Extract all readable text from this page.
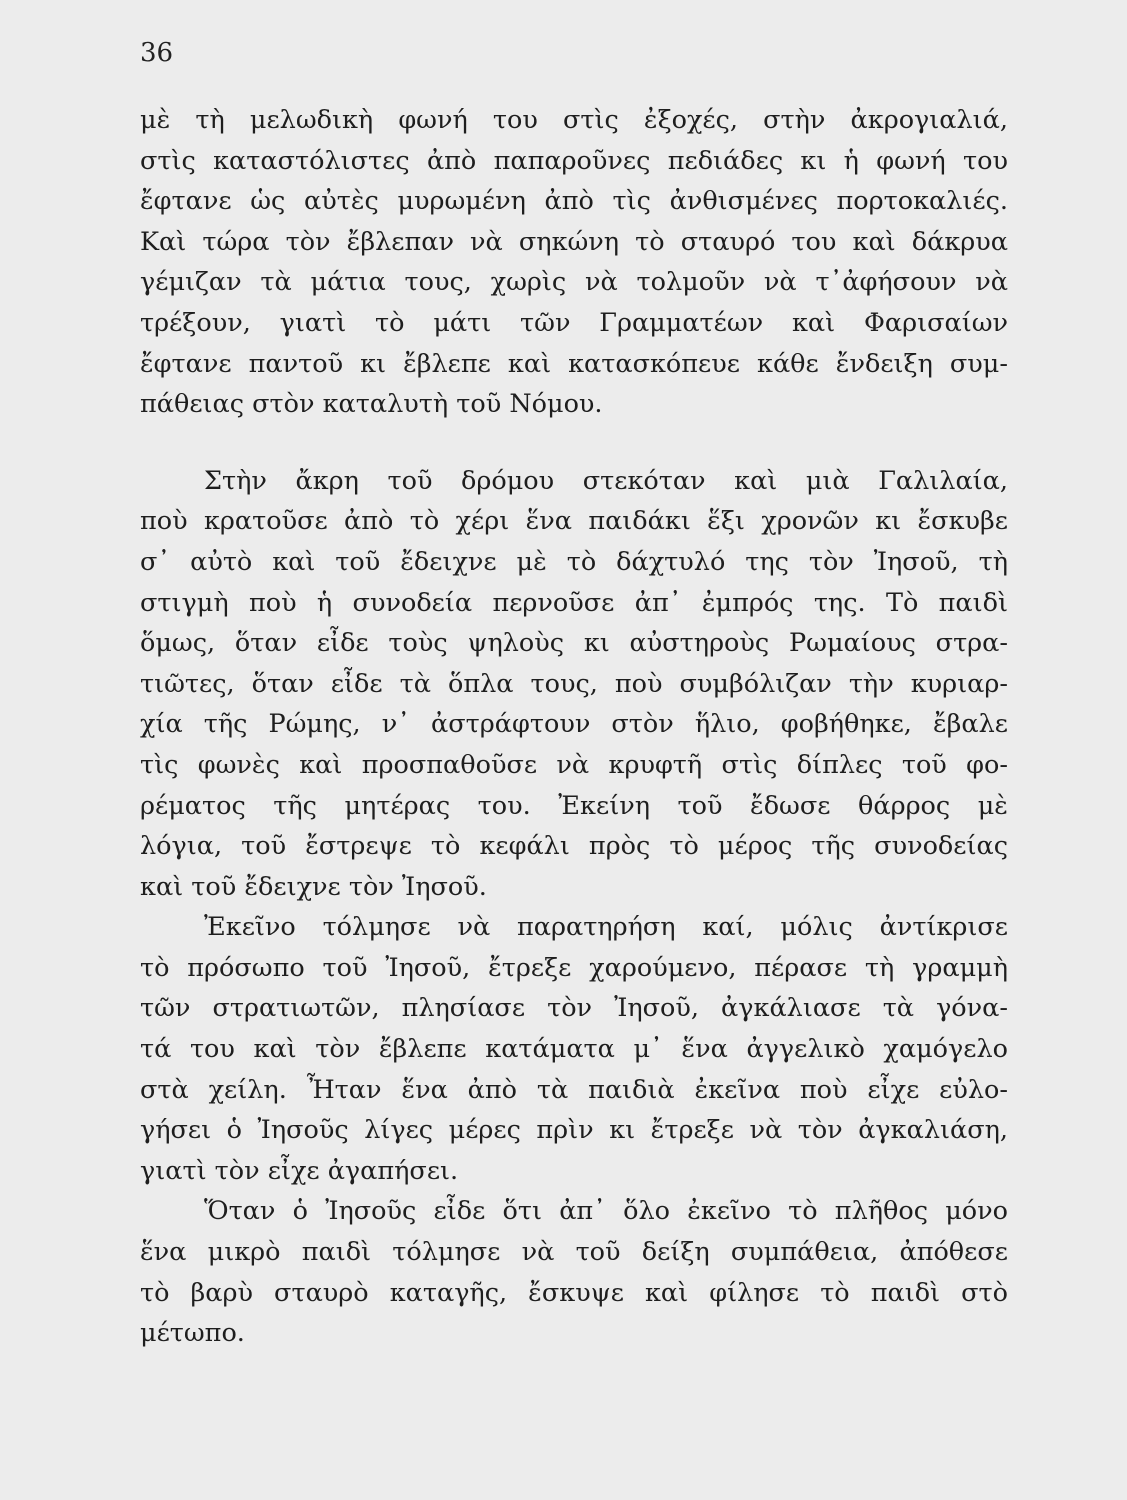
36
μὲ τὴ μελωδικὴ φωνή του στὶς ἐξοχές, στὴν ἀκρογιαλιά,
στὶς καταστόλιστες ἀπὸ παπαροῦνες πεδιάδες κι ἡ φωνή του
ἔφτανε ὡς αὐτὲς μυρωμένη ἀπὸ τὶς ἀνθισμένες πορτοκαλιές.
Καὶ τώρα τὸν ἔβλεπαν νὰ σηκώνη τὸ σταυρό του καὶ δάκρυα
γέμιζαν τὰ μάτια τους, χωρὶς νὰ τολμοῦν νὰ τ᾽ἀφήσουν νὰ
τρέξουν, γιατὶ τὸ μάτι τῶν Γραμματέων καὶ Φαρισαίων
ἔφτανε παντοῦ κι ἔβλεπε καὶ κατασκόπευε κάθε ἔνδειξη συμ-
πάθειας στὸν καταλυτὴ τοῦ Νόμου.
Στὴν ἄκρη τοῦ δρόμου στεκόταν καὶ μιὰ Γαλιλαία,
ποὺ κρατοῦσε ἀπὸ τὸ χέρι ἕνα παιδάκι ἕξι χρονῶν κι ἔσκυβε
σ᾽ αὐτὸ καὶ τοῦ ἔδειχνε μὲ τὸ δάχτυλό της τὸν Ἰησοῦ, τὴ
στιγμὴ ποὺ ἡ συνοδεία περνοῦσε ἀπ᾽ ἐμπρός της. Τὸ παιδὶ
ὅμως, ὅταν εἶδε τοὺς ψηλοὺς κι αὐστηροὺς Ρωμαίους στρα-
τιῶτες, ὅταν εἶδε τὰ ὅπλα τους, ποὺ συμβόλιζαν τὴν κυριαρ-
χία τῆς Ρώμης, ν᾽ ἀστράφτουν στὸν ἥλιο, φοβήθηκε, ἔβαλε
τὶς φωνὲς καὶ προσπαθοῦσε νὰ κρυφτῆ στὶς δίπλες τοῦ φο-
ρέματος τῆς μητέρας του. Ἐκείνη τοῦ ἔδωσε θάρρος μὲ
λόγια, τοῦ ἔστρεψε τὸ κεφάλι πρὸς τὸ μέρος τῆς συνοδείας
καὶ τοῦ ἔδειχνε τὸν Ἰησοῦ.
Ἐκεῖνο τόλμησε νὰ παρατηρήση καί, μόλις ἀντίκρισε
τὸ πρόσωπο τοῦ Ἰησοῦ, ἔτρεξε χαρούμενο, πέρασε τὴ γραμμὴ
τῶν στρατιωτῶν, πλησίασε τὸν Ἰησοῦ, ἀγκάλιασε τὰ γόνα-
τά του καὶ τὸν ἔβλεπε κατάματα μ᾽ ἕνα ἀγγελικὸ χαμόγελο
στὰ χείλη. Ἦταν ἕνα ἀπὸ τὰ παιδιὰ ἐκεῖνα ποὺ εἶχε εὐλο-
γήσει ὁ Ἰησοῦς λίγες μέρες πρὶν κι ἔτρεξε νὰ τὸν ἀγκαλιάση,
γιατὶ τὸν εἶχε ἀγαπήσει.
Ὅταν ὁ Ἰησοῦς εἶδε ὅτι ἀπ᾽ ὅλο ἐκεῖνο τὸ πλῆθος μόνο
ἕνα μικρὸ παιδὶ τόλμησε νὰ τοῦ δείξη συμπάθεια, ἀπόθεσε
τὸ βαρὺ σταυρὸ καταγῆς, ἔσκυψε καὶ φίλησε τὸ παιδὶ στὸ
μέτωπο.
